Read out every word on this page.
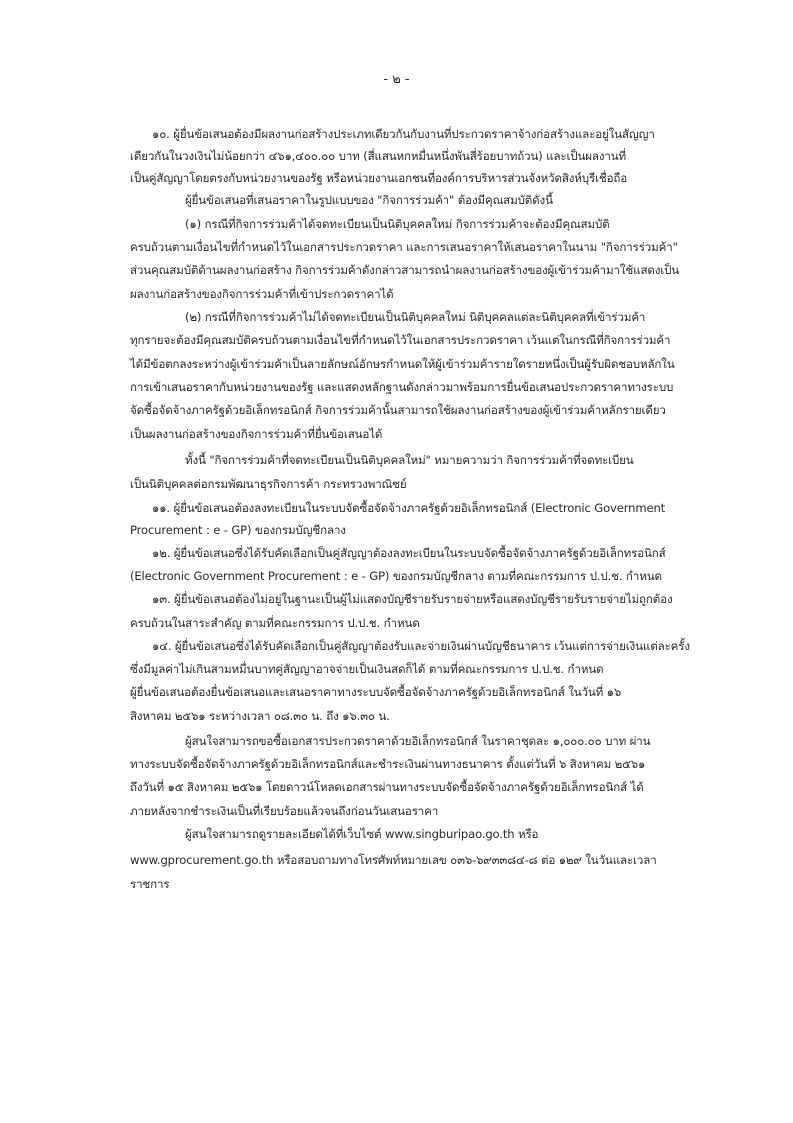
- ๒ -
๑๐. ผู้ยื่นข้อเสนอต้องมีผลงานก่อสร้างประเภทเดียวกันกับงานที่ประกวดราคาจ้างก่อสร้างและอยู่ในสัญญา
เดียวกันในวงเงินไม่น้อยกว่า ๔๖๑,๔๐๐.๐๐ บาท (สี่แสนหกหมื่นหนึ่งพันสี่ร้อยบาทถ้วน) และเป็นผลงานที่
เป็นคู่สัญญาโดยตรงกับหน่วยงานของรัฐ หรือหน่วยงานเอกชนที่องค์การบริหารส่วนจังหวัดสิงห์บุรีเชื่อถือ
ผู้ยื่นข้อเสนอที่เสนอราคาในรูปแบบของ "กิจการร่วมค้า" ต้องมีคุณสมบัติดังนี้
(๑) กรณีที่กิจการร่วมค้าได้จดทะเบียนเป็นนิติบุคคลใหม่ กิจการร่วมค้าจะต้องมีคุณสมบัติ
ครบถ้วนตามเงื่อนไขที่กำหนดไว้ในเอกสารประกวดราคา และการเสนอราคาให้เสนอราคาในนาม "กิจการร่วมค้า"
ส่วนคุณสมบัติด้านผลงานก่อสร้าง กิจการร่วมค้าดังกล่าวสามารถนำผลงานก่อสร้างของผู้เข้าร่วมค้ามาใช้แสดงเป็น
ผลงานก่อสร้างของกิจการร่วมค้าที่เข้าประกวดราคาได้
(๒) กรณีที่กิจการร่วมค้าไม่ได้จดทะเบียนเป็นนิติบุคคลใหม่ นิติบุคคลแต่ละนิติบุคคลที่เข้าร่วมค้า
ทุกรายจะต้องมีคุณสมบัติครบถ้วนตามเงื่อนไขที่กำหนดไว้ในเอกสารประกวดราคา เว้นแต่ในกรณีที่กิจการร่วมค้า
ได้มีข้อตกลงระหว่างผู้เข้าร่วมค้าเป็นลายลักษณ์อักษรกำหนดให้ผู้เข้าร่วมค้ารายใดรายหนึ่งเป็นผู้รับผิดชอบหลักใน
การเข้าเสนอราคากับหน่วยงานของรัฐ และแสดงหลักฐานดังกล่าวมาพร้อมการยื่นข้อเสนอประกวดราคาทางระบบ
จัดซื้อจัดจ้างภาครัฐด้วยอิเล็กทรอนิกส์ กิจการร่วมค้านั้นสามารถใช้ผลงานก่อสร้างของผู้เข้าร่วมค้าหลักรายเดียว
เป็นผลงานก่อสร้างของกิจการร่วมค้าที่ยื่นข้อเสนอได้
ทั้งนี้ "กิจการร่วมค้าที่จดทะเบียนเป็นนิติบุคคลใหม่" หมายความว่า กิจการร่วมค้าที่จดทะเบียน
เป็นนิติบุคคลต่อกรมพัฒนาธุรกิจการค้า กระทรวงพาณิชย์
๑๑. ผู้ยื่นข้อเสนอต้องลงทะเบียนในระบบจัดซื้อจัดจ้างภาครัฐด้วยอิเล็กทรอนิกส์ (Electronic Government
Procurement : e - GP) ของกรมบัญชีกลาง
๑๒. ผู้ยื่นข้อเสนอซึ่งได้รับคัดเลือกเป็นคู่สัญญาต้องลงทะเบียนในระบบจัดซื้อจัดจ้างภาครัฐด้วยอิเล็กทรอนิกส์
(Electronic Government Procurement : e - GP) ของกรมบัญชีกลาง ตามที่คณะกรรมการ ป.ป.ช. กำหนด
๑๓. ผู้ยื่นข้อเสนอต้องไม่อยู่ในฐานะเป็นผู้ไม่แสดงบัญชีรายรับรายจ่ายหรือแสดงบัญชีรายรับรายจ่ายไม่ถูกต้อง
ครบถ้วนในสาระสำคัญ ตามที่คณะกรรมการ ป.ป.ช. กำหนด
๑๔. ผู้ยื่นข้อเสนอซึ่งได้รับคัดเลือกเป็นคู่สัญญาต้องรับและจ่ายเงินผ่านบัญชีธนาคาร เว้นแต่การจ่ายเงินแต่ละครั้ง
ซึ่งมีมูลค่าไม่เกินสามหมื่นบาทคู่สัญญาอาจจ่ายเป็นเงินสดก็ได้ ตามที่คณะกรรมการ ป.ป.ช. กำหนด
ผู้ยื่นข้อเสนอต้องยื่นข้อเสนอและเสนอราคาทางระบบจัดซื้อจัดจ้างภาครัฐด้วยอิเล็กทรอนิกส์ ในวันที่ ๑๖
สิงหาคม ๒๕๖๑ ระหว่างเวลา ๐๘.๓๐ น. ถึง ๑๖.๓๐ น.
ผู้สนใจสามารถขอซื้อเอกสารประกวดราคาด้วยอิเล็กทรอนิกส์ ในราคาชุดละ ๑,๐๐๐.๐๐ บาท ผ่าน
ทางระบบจัดซื้อจัดจ้างภาครัฐด้วยอิเล็กทรอนิกส์และชำระเงินผ่านทางธนาคาร ตั้งแต่วันที่ ๖ สิงหาคม ๒๕๖๑
ถึงวันที่ ๑๕ สิงหาคม ๒๕๖๑ โดยดาวน์โหลดเอกสารผ่านทางระบบจัดซื้อจัดจ้างภาครัฐด้วยอิเล็กทรอนิกส์ ได้
ภายหลังจากชำระเงินเป็นที่เรียบร้อยแล้วจนถึงก่อนวันเสนอราคา
ผู้สนใจสามารถดูรายละเอียดได้ที่เว็บไซต์ www.singburipao.go.th หรือ
www.gprocurement.go.th หรือสอบถามทางโทรศัพท์หมายเลข ๐๓๖-๖๙๓๓๘๔-๘ ต่อ ๑๒๙ ในวันและเวลา
ราชการ
